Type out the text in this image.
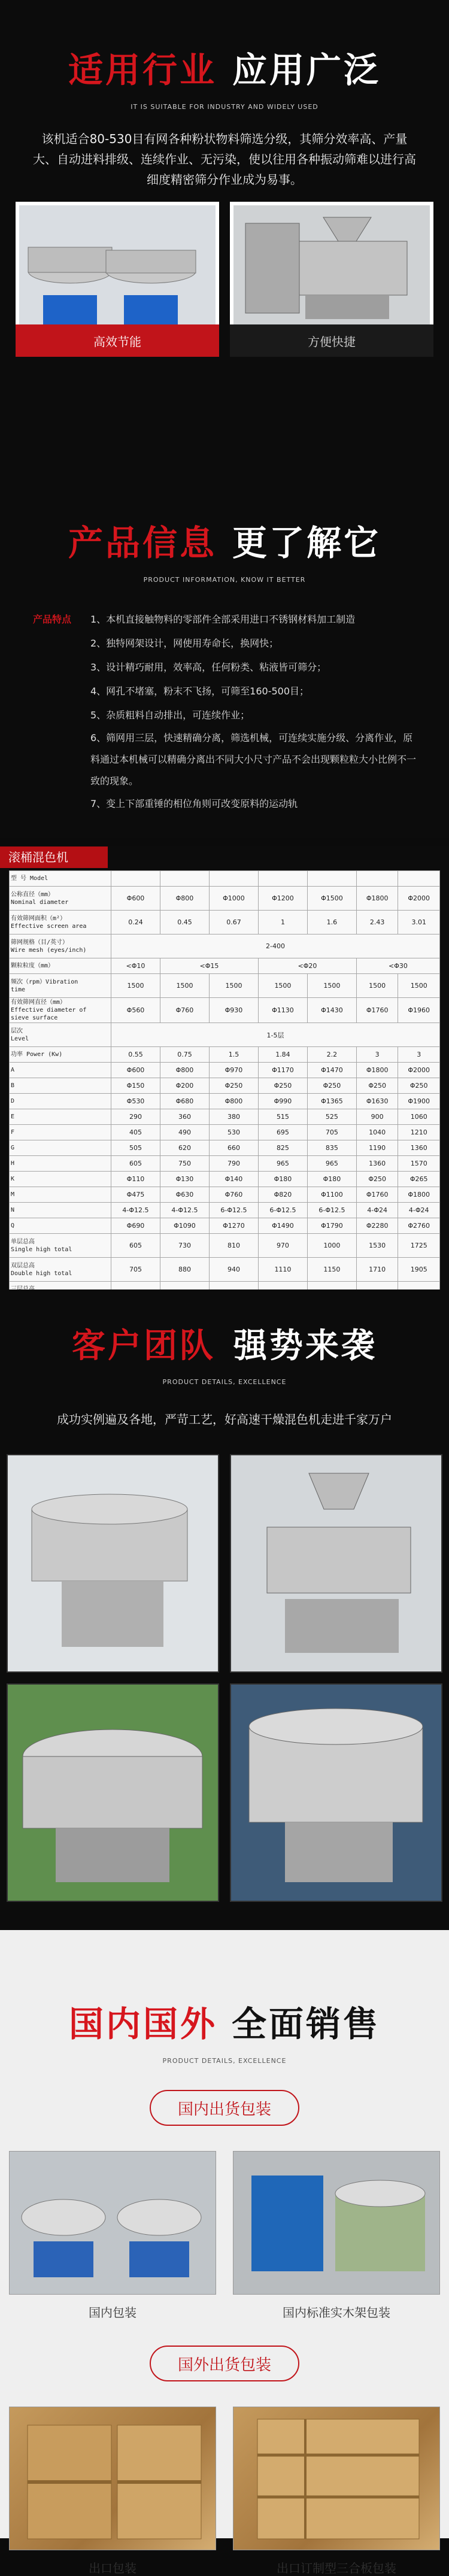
适用行业 应用广泛
IT IS SUITABLE FOR INDUSTRY AND WIDELY USED

该机适合80-530目有网各种粉状物料筛选分级，其筛分效率高、产量大、自动进料排级、连续作业、无污染，使以往用各种振动筛难以进行高细度精密筛分作业成为易事。

高效节能	方便快捷
产品信息 更了解它
PRODUCT INFORMATION, KNOW IT BETTER
产品特点	1、本机直接触物料的零部件全部采用进口不锈钢材料加工制造
2、独特网架设计，网使用寿命长，换网快；
3、设计精巧耐用，效率高，任何粉类、粘液皆可筛分；
4、网孔不堵塞，粉末不飞扬，可筛至160-500目；
5、杂质粗料自动排出，可连续作业；
6、筛网用三层，快速精确分离，筛选机械，可连续实施分级、分离作业，原料通过本机械可以精确分离出不同大小尺寸产品不会出现颗粒粒大小比例不一致的现象。
7、变上下部重锤的相位角则可改变原料的运动轨
滚桶混色机
型 号 Model							
公称直径（mm）
Nominal diameter	Φ600	Φ800	Φ1000	Φ1200	Φ1500	Φ1800	Φ2000
有效筛网面积（m²）
Effective screen area	0.24	0.45	0.67	1	1.6	2.43	3.01
筛网规格（目/英寸）
Wire mesh (eyes/inch)	2-400						
颗粒粒度（mm）	<Φ10	<Φ15		<Φ20		<Φ30	
频次（rpm）Vibration
time	1500	1500	1500	1500	1500	1500	1500
有效筛网直径（mm）
Effective diameter of
sieve surface	Φ560	Φ760	Φ930	Φ1130	Φ1430	Φ1760	Φ1960
层次
Level	1-5层						
功率 Power (Kw)	0.55	0.75	1.5	1.84	2.2	3	3
A	Φ600	Φ800	Φ970	Φ1170	Φ1470	Φ1800	Φ2000
B	Φ150	Φ200	Φ250	Φ250	Φ250	Φ250	Φ250
D	Φ530	Φ680	Φ800	Φ990	Φ1365	Φ1630	Φ1900
E	290	360	380	515	525	900	1060
F	405	490	530	695	705	1040	1210
G	505	620	660	825	835	1190	1360
H	605	750	790	965	965	1360	1570
K	Φ110	Φ130	Φ140	Φ180	Φ180	Φ250	Φ265
M	Φ475	Φ630	Φ760	Φ820	Φ1100	Φ1760	Φ1800
N	4-Φ12.5	4-Φ12.5	6-Φ12.5	6-Φ12.5	6-Φ12.5	4-Φ24	4-Φ24
Q	Φ690	Φ1090	Φ1270	Φ1490	Φ1790	Φ2280	Φ2760
单层总高
Single high total	605	730	810	970	1000	1530	1725
双层总高
Double high total	705	880	940	1110	1150	1710	1905

客户团队 强势来袭
PRODUCT DETAILS, EXCELLENCE
成功实例遍及各地，严苛工艺，好高速干燥混色机走进千家万户
国内国外 全面销售
PRODUCT DETAILS, EXCELLENCE
国内出货包装
国内包装	国内标准实木架包装
国外出货包装
出口包装	出口订制型三合板包装
